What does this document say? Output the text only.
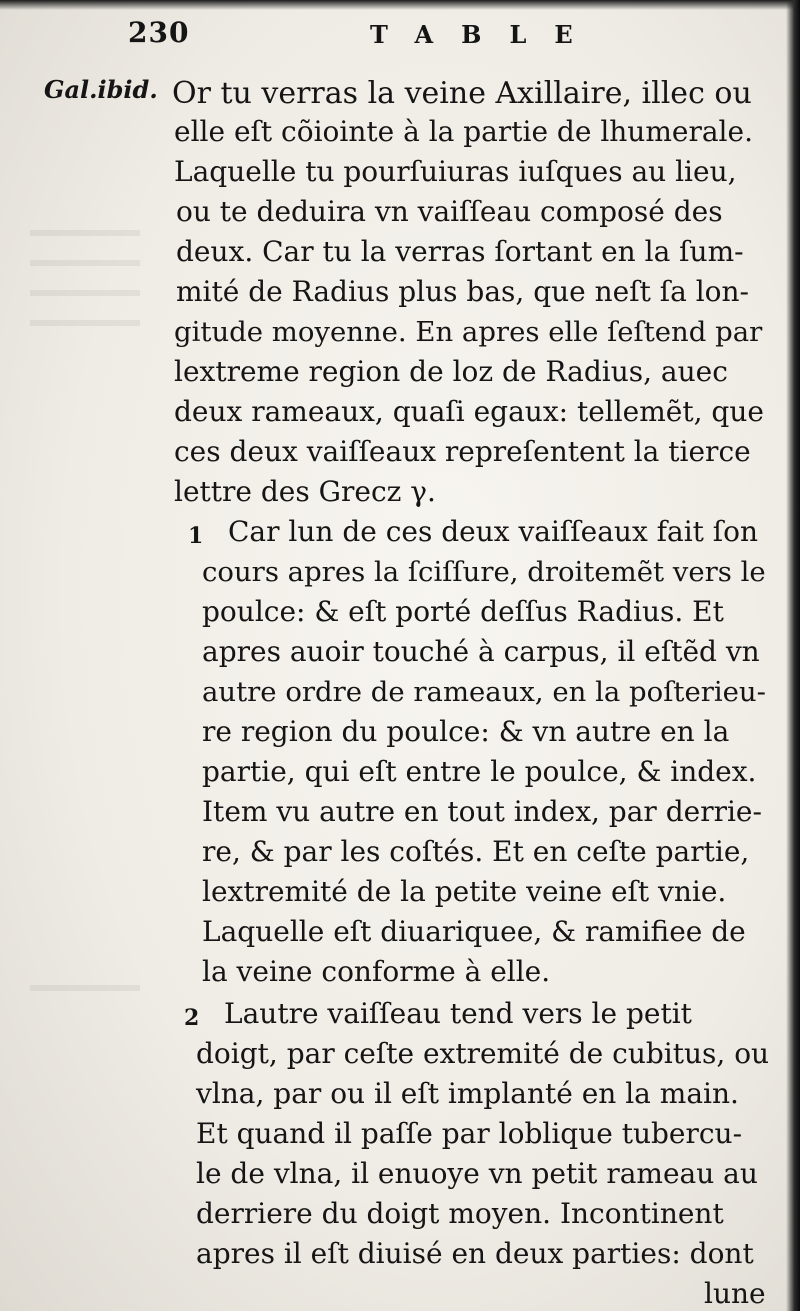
230	TABLE
Gal.ibid. Or tu verras la veine Axillaire, illec ou
elle eſt cõiointe à la partie de lhumerale.
Laquelle tu pourſuiuras iuſques au lieu,
ou te deduira vn vaiſſeau composé des
deux. Car tu la verras ſortant en la ſum-
mité de Radius plus bas, que neſt ſa lon-
gitude moyenne. En apres elle ſeſtend par
lextreme region de loz de Radius, auec
deux rameaux, quaſi egaux: tellemẽt, que
ces deux vaiſſeaux repreſentent la tierce
lettre des Grecz γ.
1 Car lun de ces deux vaiſſeaux fait ſon
cours apres la ſciſſure, droitemẽt vers le
poulce: & eſt porté deſſus Radius. Et
apres auoir touché à carpus, il eſtẽd vn
autre ordre de rameaux, en la poſterieu-
re region du poulce: & vn autre en la
partie, qui eſt entre le poulce, & index.
Item vu autre en tout index, par derrie-
re, & par les coſtés. Et en ceſte partie,
lextremité de la petite veine eſt vnie.
Laquelle eſt diuariquee, & ramifiee de
la veine conforme à elle.
2 Lautre vaiſſeau tend vers le petit
doigt, par ceſte extremité de cubitus, ou
vlna, par ou il eſt implanté en la main.
Et quand il paſſe par loblique tubercu-
le de vlna, il enuoye vn petit rameau au
derriere du doigt moyen. Incontinent
apres il eſt diuisé en deux parties: dont
lune
